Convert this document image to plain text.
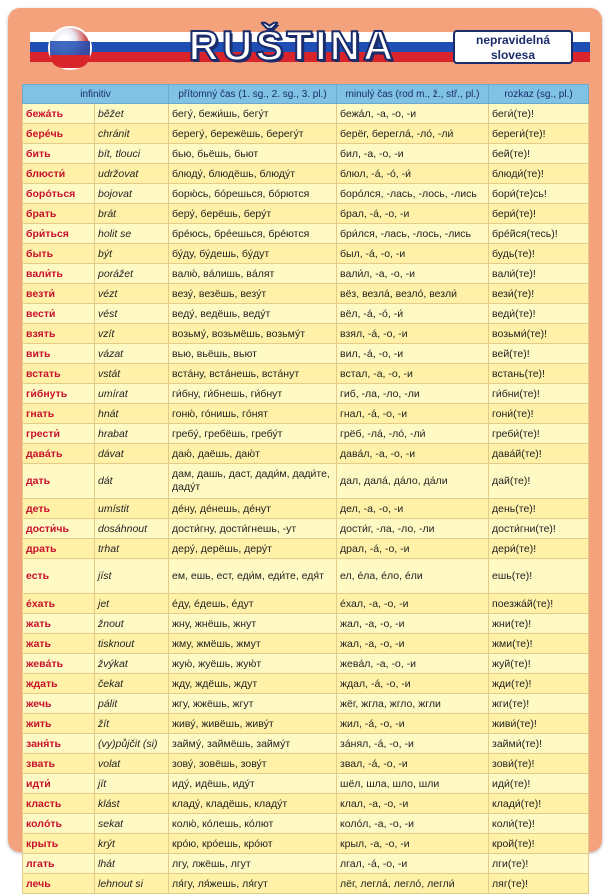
RUŠTINA	nepravidelná
slovesa
infinitiv		přítomný čas (1. sg., 2. sg., 3. pl.)	minulý čas (rod m., ž., stř., pl.)	rozkaz (sg., pl.)
бежáть	běžet	бегу́, бежи́шь, бегу́т	бежáл, -а, -о, -и	беги́(те)!
берéчь	chránit	берегу́, бережёшь, берегу́т	берёг, береглá, -лó, -ли́	береги́(те)!
бить	bít, tlouci	бью, бьёшь, бьют	бил, -а, -о, -и	бей(те)!
блюсти́	udržovat	блюду́, блюдёшь, блюду́т	блюл, -á, -ó, -и́	блюди́(те)!
борóться	bojovat	борю́сь, бóрешься, бóрются	борóлся, -лась, -лось, -лись	бори́(те)сь!
брать	brát	беру́, берёшь, беру́т	брал, -á, -о, -и	бери́(те)!
бри́ться	holit se	брéюсь, брéешься, брéются	бри́лся, -лась, -лось, -лись	брéйся(тесь)!
быть	být	бу́ду, бу́дешь, бу́дут	был, -á, -о, -и	будь(те)!
вали́ть	porážet	валю́, вáлишь, вáлят	вали́л, -а, -о, -и	вали́(те)!
везти́	vézt	везу́, везёшь, везу́т	вёз, везлá, везлó, везли́	вези́(те)!
вести́	vést	веду́, ведёшь, веду́т	вёл, -á, -ó, -и́	веди́(те)!
взять	vzít	возьму́, возьмёшь, возьму́т	взял, -á, -о, -и	возьми́(те)!
вить	vázat	вью, вьёшь, вьют	вил, -á, -о, -и	вей(те)!
встать	vstát	встáну, встáнешь, встáнут	встал, -а, -о, -и	встань(те)!
ги́бнуть	umírat	ги́бну, ги́бнешь, ги́бнут	гиб, -ла, -ло, -ли	ги́бни(те)!
гнать	hnát	гоню́, гóнишь, гóнят	гнал, -á, -о, -и	гони́(те)!
грести́	hrabat	гребу́, гребёшь, гребу́т	грёб, -лá, -лó, -ли́	греби́(те)!
давáть	dávat	даю́, даёшь, даю́т	давáл, -а, -о, -и	давáй(те)!
дать	dát	дам, дашь, даст, дади́м, дади́те, даду́т	дал, далá, дáло, дáли	дай(те)!
деть	umístit	дéну, дéнешь, дéнут	дел, -а, -о, -и	день(те)!
дости́чь	dosáhnout	дости́гну, дости́гнешь, -ут	дости́г, -ла, -ло, -ли	дости́гни(те)!
драть	trhat	деру́, дерёшь, деру́т	драл, -á, -о, -и	дери́(те)!
есть	jíst	ем, ешь, ест, еди́м, еди́те, едя́т	ел, éла, éло, éли	ешь(те)!
éхать	jet	éду, éдешь, éдут	éхал, -а, -о, -и	поезжáй(те)!
жать	žnout	жну, жнёшь, жнут	жал, -а, -о, -и	жни(те)!
жать	tisknout	жму, жмёшь, жмут	жал, -а, -о, -и	жми(те)!
жевáть	žvýkat	жую́, жуёшь, жую́т	жевáл, -а, -о, -и	жуй(те)!
ждать	čekat	жду, ждёшь, ждут	ждал, -á, -о, -и	жди(те)!
жечь	pálit	жгу, жжёшь, жгут	жёг, жгла, жгло, жгли	жги(те)!
жить	žít	живу́, живёшь, живу́т	жил, -á, -о, -и	живи́(те)!
заня́ть	(vy)půjčit (si)	займу́, займёшь, займу́т	зáнял, -á, -о, -и	займи́(те)!
звать	volat	зову́, зовёшь, зову́т	звал, -á, -о, -и	зови́(те)!
идти́	jít	иду́, идёшь, иду́т	шёл, шла, шло, шли	иди́(те)!
класть	klást	кладу́, кладёшь, кладу́т	клал, -а, -о, -и	клади́(те)!
колóть	sekat	колю́, кóлешь, кóлют	колóл, -а, -о, -и	коли́(те)!
крыть	krýt	крóю, крóешь, крóют	крыл, -а, -о, -и	крой(те)!
лгать	lhát	лгу, лжёшь, лгут	лгал, -á, -о, -и	лги(те)!
лечь	lehnout si	ля́гу, ля́жешь, ля́гут	лёг, леглá, леглó, легли́	ляг(те)!
